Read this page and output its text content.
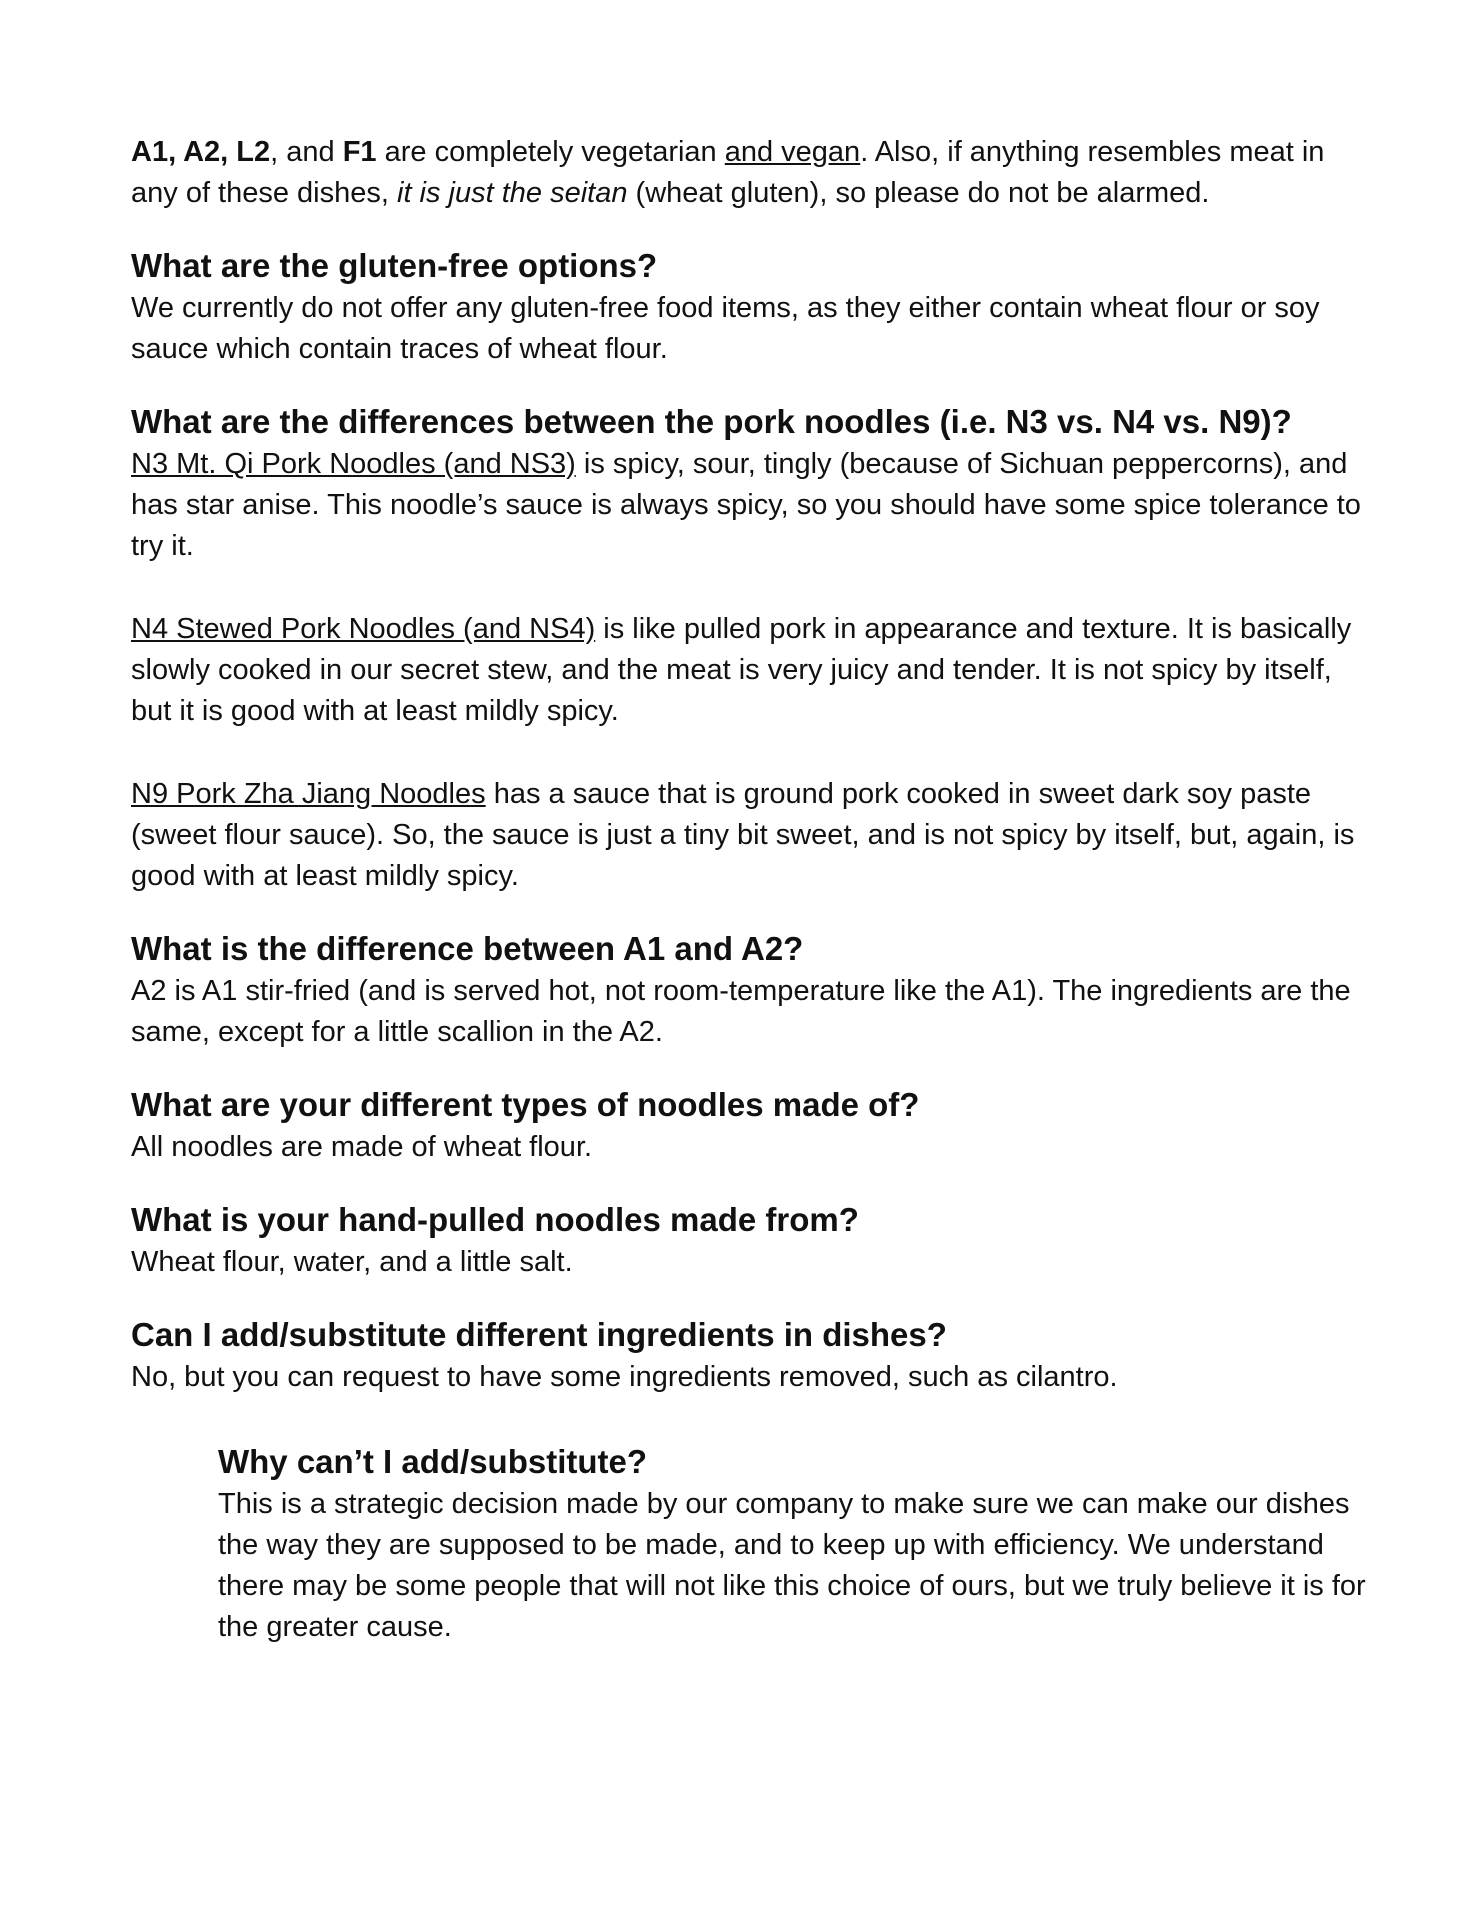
A1, A2, L2, and F1 are completely vegetarian and vegan. Also, if anything resembles meat in any of these dishes, it is just the seitan (wheat gluten), so please do not be alarmed.

What are the gluten-free options?

We currently do not offer any gluten-free food items, as they either contain wheat flour or soy sauce which contain traces of wheat flour.

What are the differences between the pork noodles (i.e. N3 vs. N4 vs. N9)?

N3 Mt. Qi Pork Noodles (and NS3) is spicy, sour, tingly (because of Sichuan peppercorns), and has star anise. This noodle’s sauce is always spicy, so you should have some spice tolerance to try it.

N4 Stewed Pork Noodles (and NS4) is like pulled pork in appearance and texture. It is basically slowly cooked in our secret stew, and the meat is very juicy and tender. It is not spicy by itself, but it is good with at least mildly spicy.

N9 Pork Zha Jiang Noodles has a sauce that is ground pork cooked in sweet dark soy paste (sweet flour sauce). So, the sauce is just a tiny bit sweet, and is not spicy by itself, but, again, is good with at least mildly spicy.

What is the difference between A1 and A2?

A2 is A1 stir-fried (and is served hot, not room-temperature like the A1). The ingredients are the same, except for a little scallion in the A2.

What are your different types of noodles made of?

All noodles are made of wheat flour.

What is your hand-pulled noodles made from?

Wheat flour, water, and a little salt.

Can I add/substitute different ingredients in dishes?

No, but you can request to have some ingredients removed, such as cilantro.

Why can’t I add/substitute?

This is a strategic decision made by our company to make sure we can make our dishes the way they are supposed to be made, and to keep up with efficiency. We understand there may be some people that will not like this choice of ours, but we truly believe it is for the greater cause.
